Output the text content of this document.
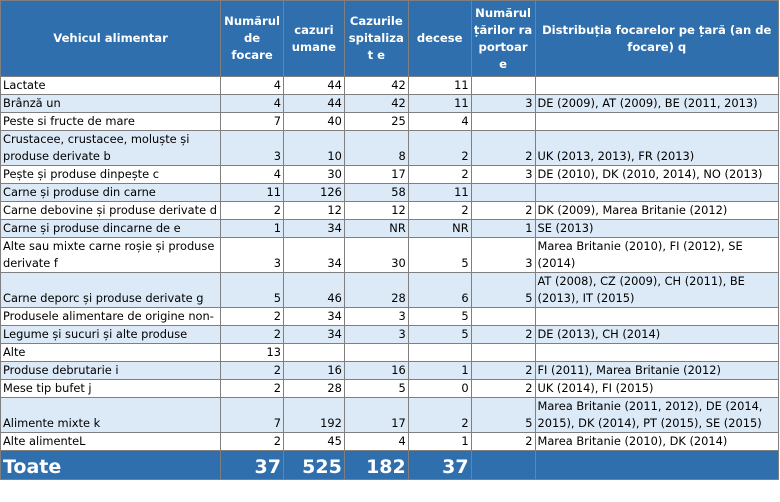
Vehicul alimentar	Numărul de focare	cazuri umane	Cazurile spitalizat e	decese	Numărul țărilor raportoar e	Distribuția focarelor pe țară (an de focare) q
Lactate	4	44	42	11		
Brânză un	4	44	42	11	3	DE (2009), AT (2009), BE (2011, 2013)
Peste si fructe de mare	7	40	25	4		
Crustacee, crustacee, moluște și produse derivate b	3	10	8	2	2	UK (2013, 2013), FR (2013)
Pește și produse dinpește c	4	30	17	2	3	DE (2010), DK (2010, 2014), NO (2013)
Carne și produse din carne	11	126	58	11		
Carne debovine și produse derivate d	2	12	12	2	2	DK (2009), Marea Britanie (2012)
Carne și produse dincarne de e	1	34	NR	NR	1	SE (2013)
Alte sau mixte carne roșie și produse derivate f	3	34	30	5	3	Marea Britanie (2010), FI (2012), SE (2014)
Carne deporc și produse derivate g	5	46	28	6	5	AT (2008), CZ (2009), CH (2011), BE (2013), IT (2015)
Produsele alimentare de origine non-	2	34	3	5		
Legume și sucuri și alte produse	2	34	3	5	2	DE (2013), CH (2014)
Alte	13					
Produse debrutarie i	2	16	16	1	2	FI (2011), Marea Britanie (2012)
Mese tip bufet j	2	28	5	0	2	UK (2014), FI (2015)
Alimente mixte k	7	192	17	2	5	Marea Britanie (2011, 2012), DE (2014, 2015), DK (2014), PT (2015), SE (2015)
Alte alimenteL	2	45	4	1	2	Marea Britanie (2010), DK (2014)
Toate	37	525	182	37		
